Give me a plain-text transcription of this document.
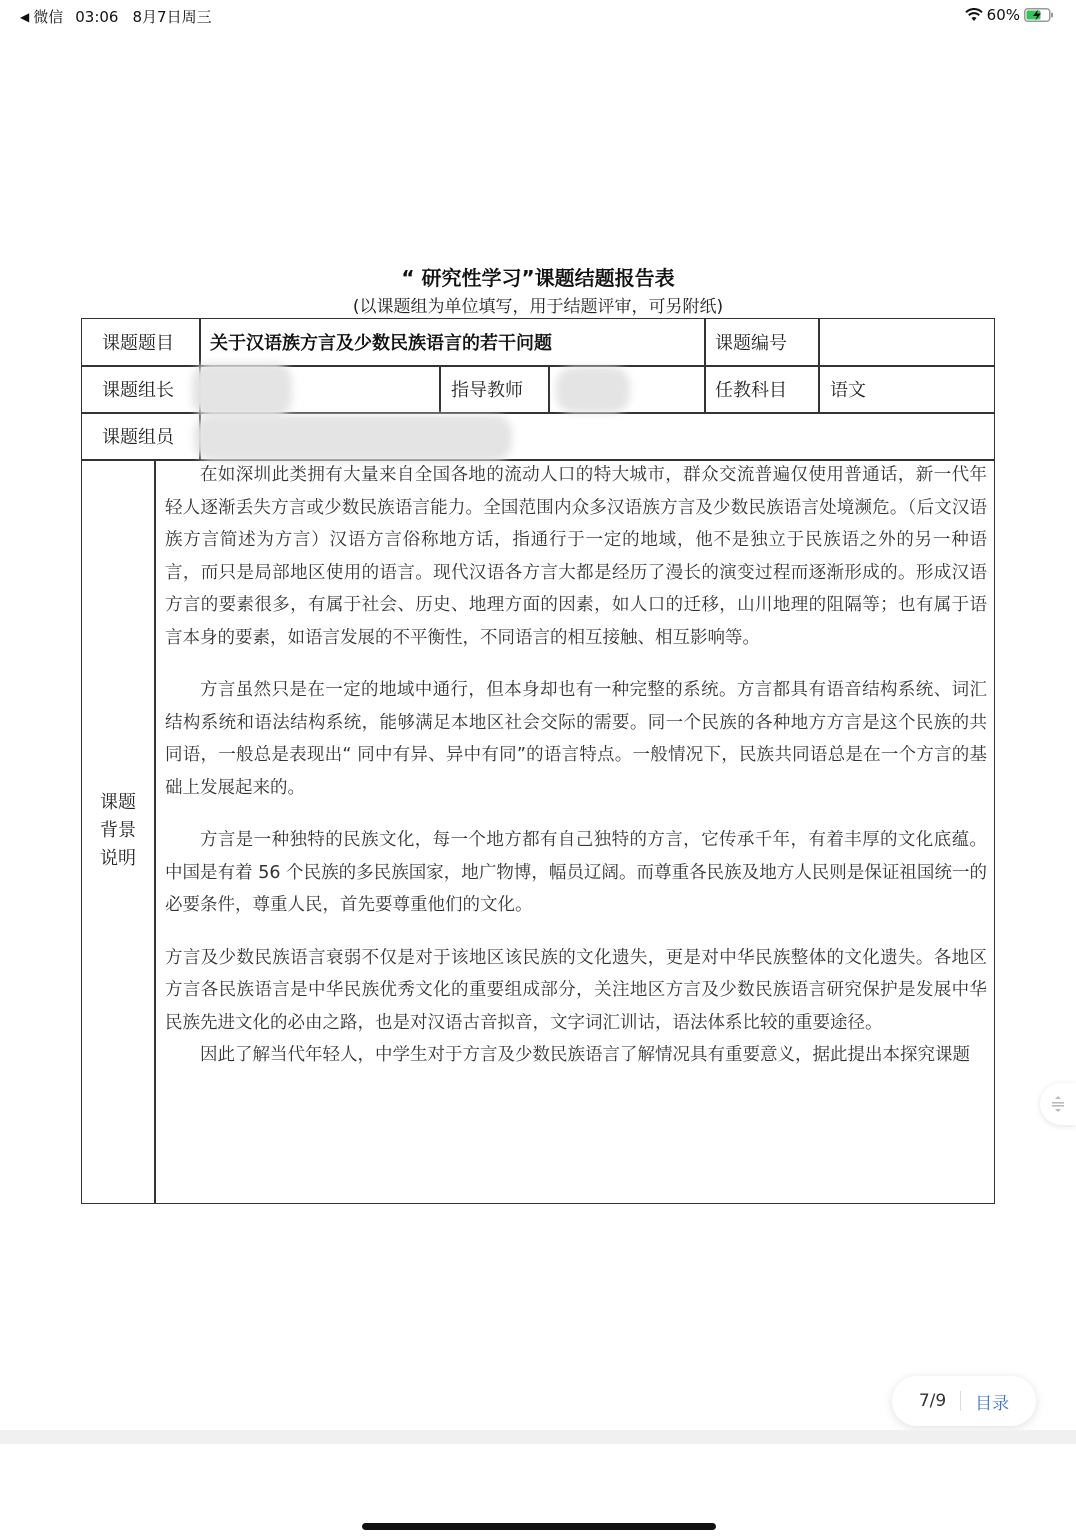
◀ 微信 03:06 8月7日周三	60%
“ 研究性学习”课题结题报告表
(以课题组为单位填写，用于结题评审，可另附纸)
课题题目 关于汉语族方言及少数民族语言的若干问题	课题编号
课题组长	指导教师	任教科目 语文
课题组员
课题
背景
说明

在如深圳此类拥有大量来自全国各地的流动人口的特大城市，群众交流普遍仅使用普通话，新一代年轻人逐渐丢失方言或少数民族语言能力。全国范围内众多汉语族方言及少数民族语言处境濒危。（后文汉语族方言简述为方言）汉语方言俗称地方话，指通行于一定的地域，他不是独立于民族语之外的另一种语言，而只是局部地区使用的语言。现代汉语各方言大都是经历了漫长的演变过程而逐渐形成的。形成汉语方言的要素很多，有属于社会、历史、地理方面的因素，如人口的迁移，山川地理的阻隔等；也有属于语言本身的要素，如语言发展的不平衡性，不同语言的相互接触、相互影响等。

方言虽然只是在一定的地域中通行，但本身却也有一种完整的系统。方言都具有语音结构系统、词汇结构系统和语法结构系统，能够满足本地区社会交际的需要。同一个民族的各种地方方言是这个民族的共同语，一般总是表现出“ 同中有异、异中有同”的语言特点。一般情况下，民族共同语总是在一个方言的基础上发展起来的。

方言是一种独特的民族文化，每一个地方都有自己独特的方言，它传承千年，有着丰厚的文化底蕴。中国是有着 56 个民族的多民族国家，地广物博，幅员辽阔。而尊重各民族及地方人民则是保证祖国统一的必要条件，尊重人民，首先要尊重他们的文化。

方言及少数民族语言衰弱不仅是对于该地区该民族的文化遗失，更是对中华民族整体的文化遗失。各地区方言各民族语言是中华民族优秀文化的重要组成部分，关注地区方言及少数民族语言研究保护是发展中华民族先进文化的必由之路，也是对汉语古音拟音，文字词汇训诂，语法体系比较的重要途径。

因此了解当代年轻人，中学生对于方言及少数民族语言了解情况具有重要意义，据此提出本探究课题

7/9 目录
